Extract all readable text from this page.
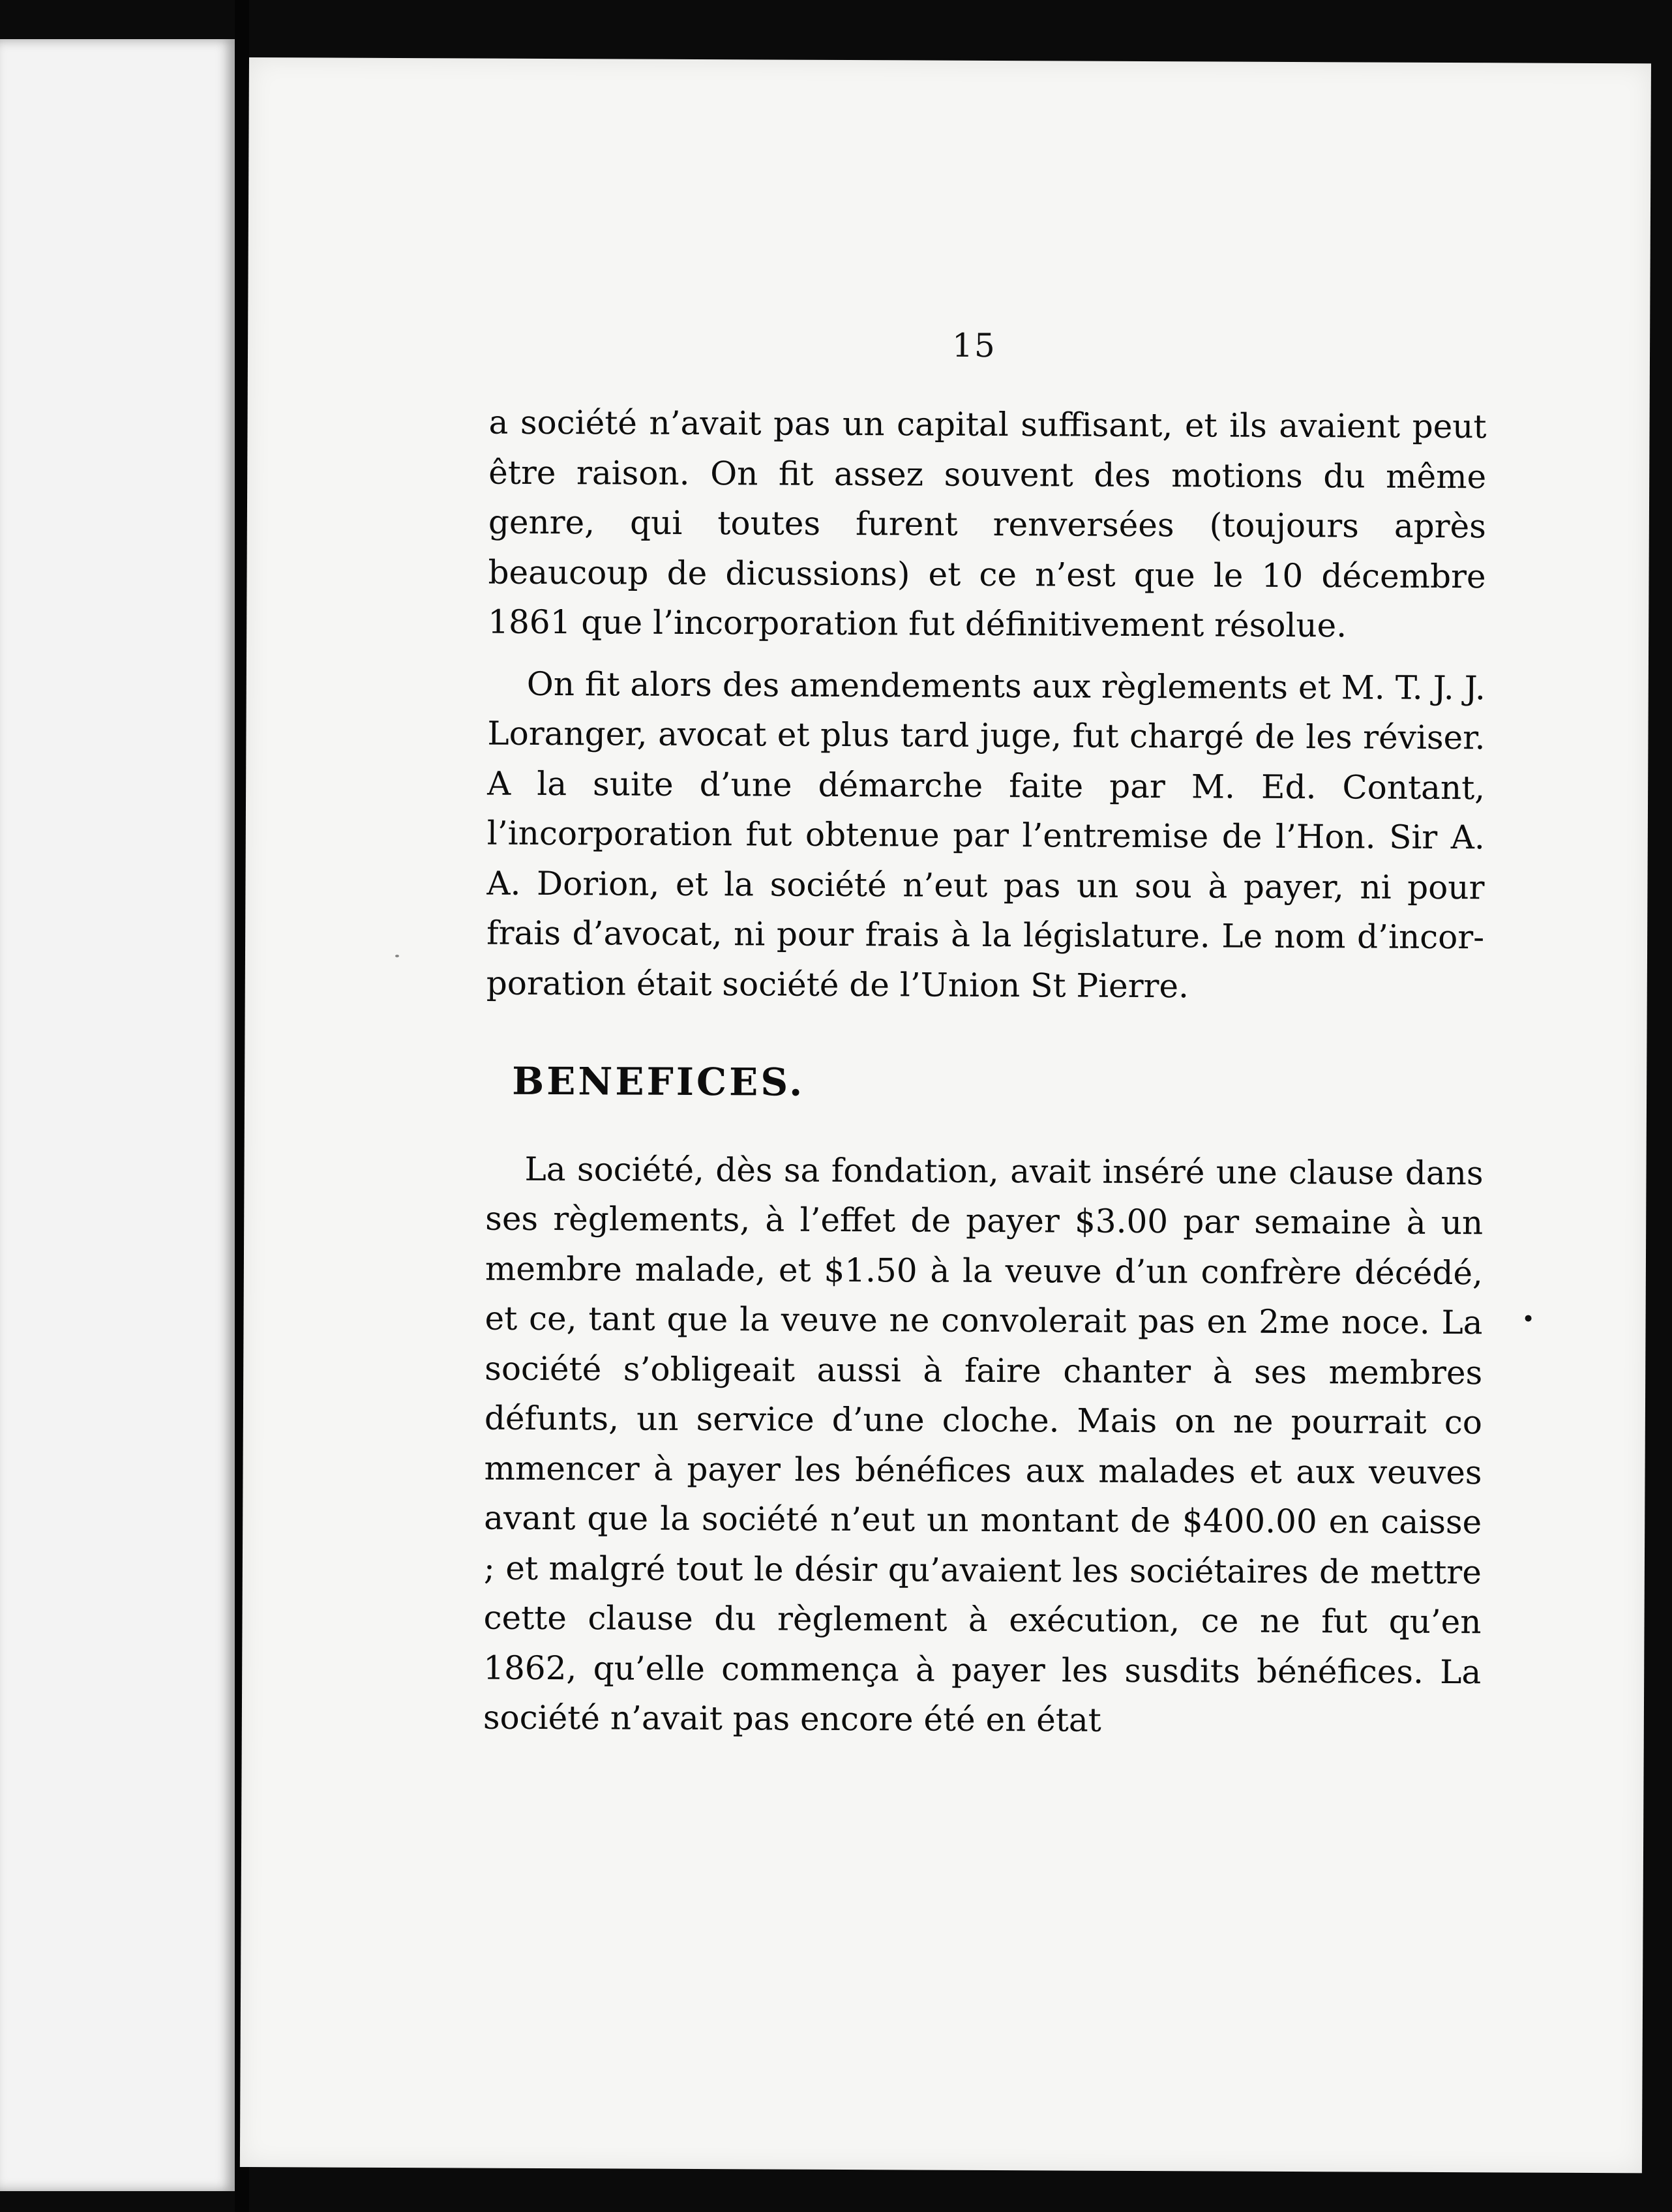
15

a société n’avait pas un capital suffisant, et ils avaient peut être raison. On fit assez souvent des motions du même genre, qui toutes furent renversées (toujours après beaucoup de dicussions) et ce n’est que le 10 décembre 1861 que l’incorporation fut définitivement résolue.

On fit alors des amendements aux règlements et M. T. J. J. Loranger, avocat et plus tard juge, fut chargé de les réviser. A la suite d’une démarche faite par M. Ed. Contant, l’incorporation fut obtenue par l’entremise de l’Hon. Sir A. A. Dorion, et la société n’eut pas un sou à payer, ni pour frais d’avocat, ni pour frais à la législature. Le nom d’incorporation était société de l’Union St Pierre.

BENEFICES.

La société, dès sa fondation, avait inséré une clause dans ses règlements, à l’effet de payer $3.00 par semaine à un membre malade, et $1.50 à la veuve d’un confrère décédé, et ce, tant que la veuve ne convolerait pas en 2me noce. La société s’obligeait aussi à faire chanter à ses membres défunts, un service d’une cloche. Mais on ne pourrait co mmencer à payer les bénéfices aux malades et aux veuves avant que la société n’eut un montant de $400.00 en caisse ; et malgré tout le désir qu’avaient les sociétaires de mettre cette clause du règlement à exécution, ce ne fut qu’en 1862, qu’elle commença à payer les susdits bénéfices. La société n’avait pas encore été en état
